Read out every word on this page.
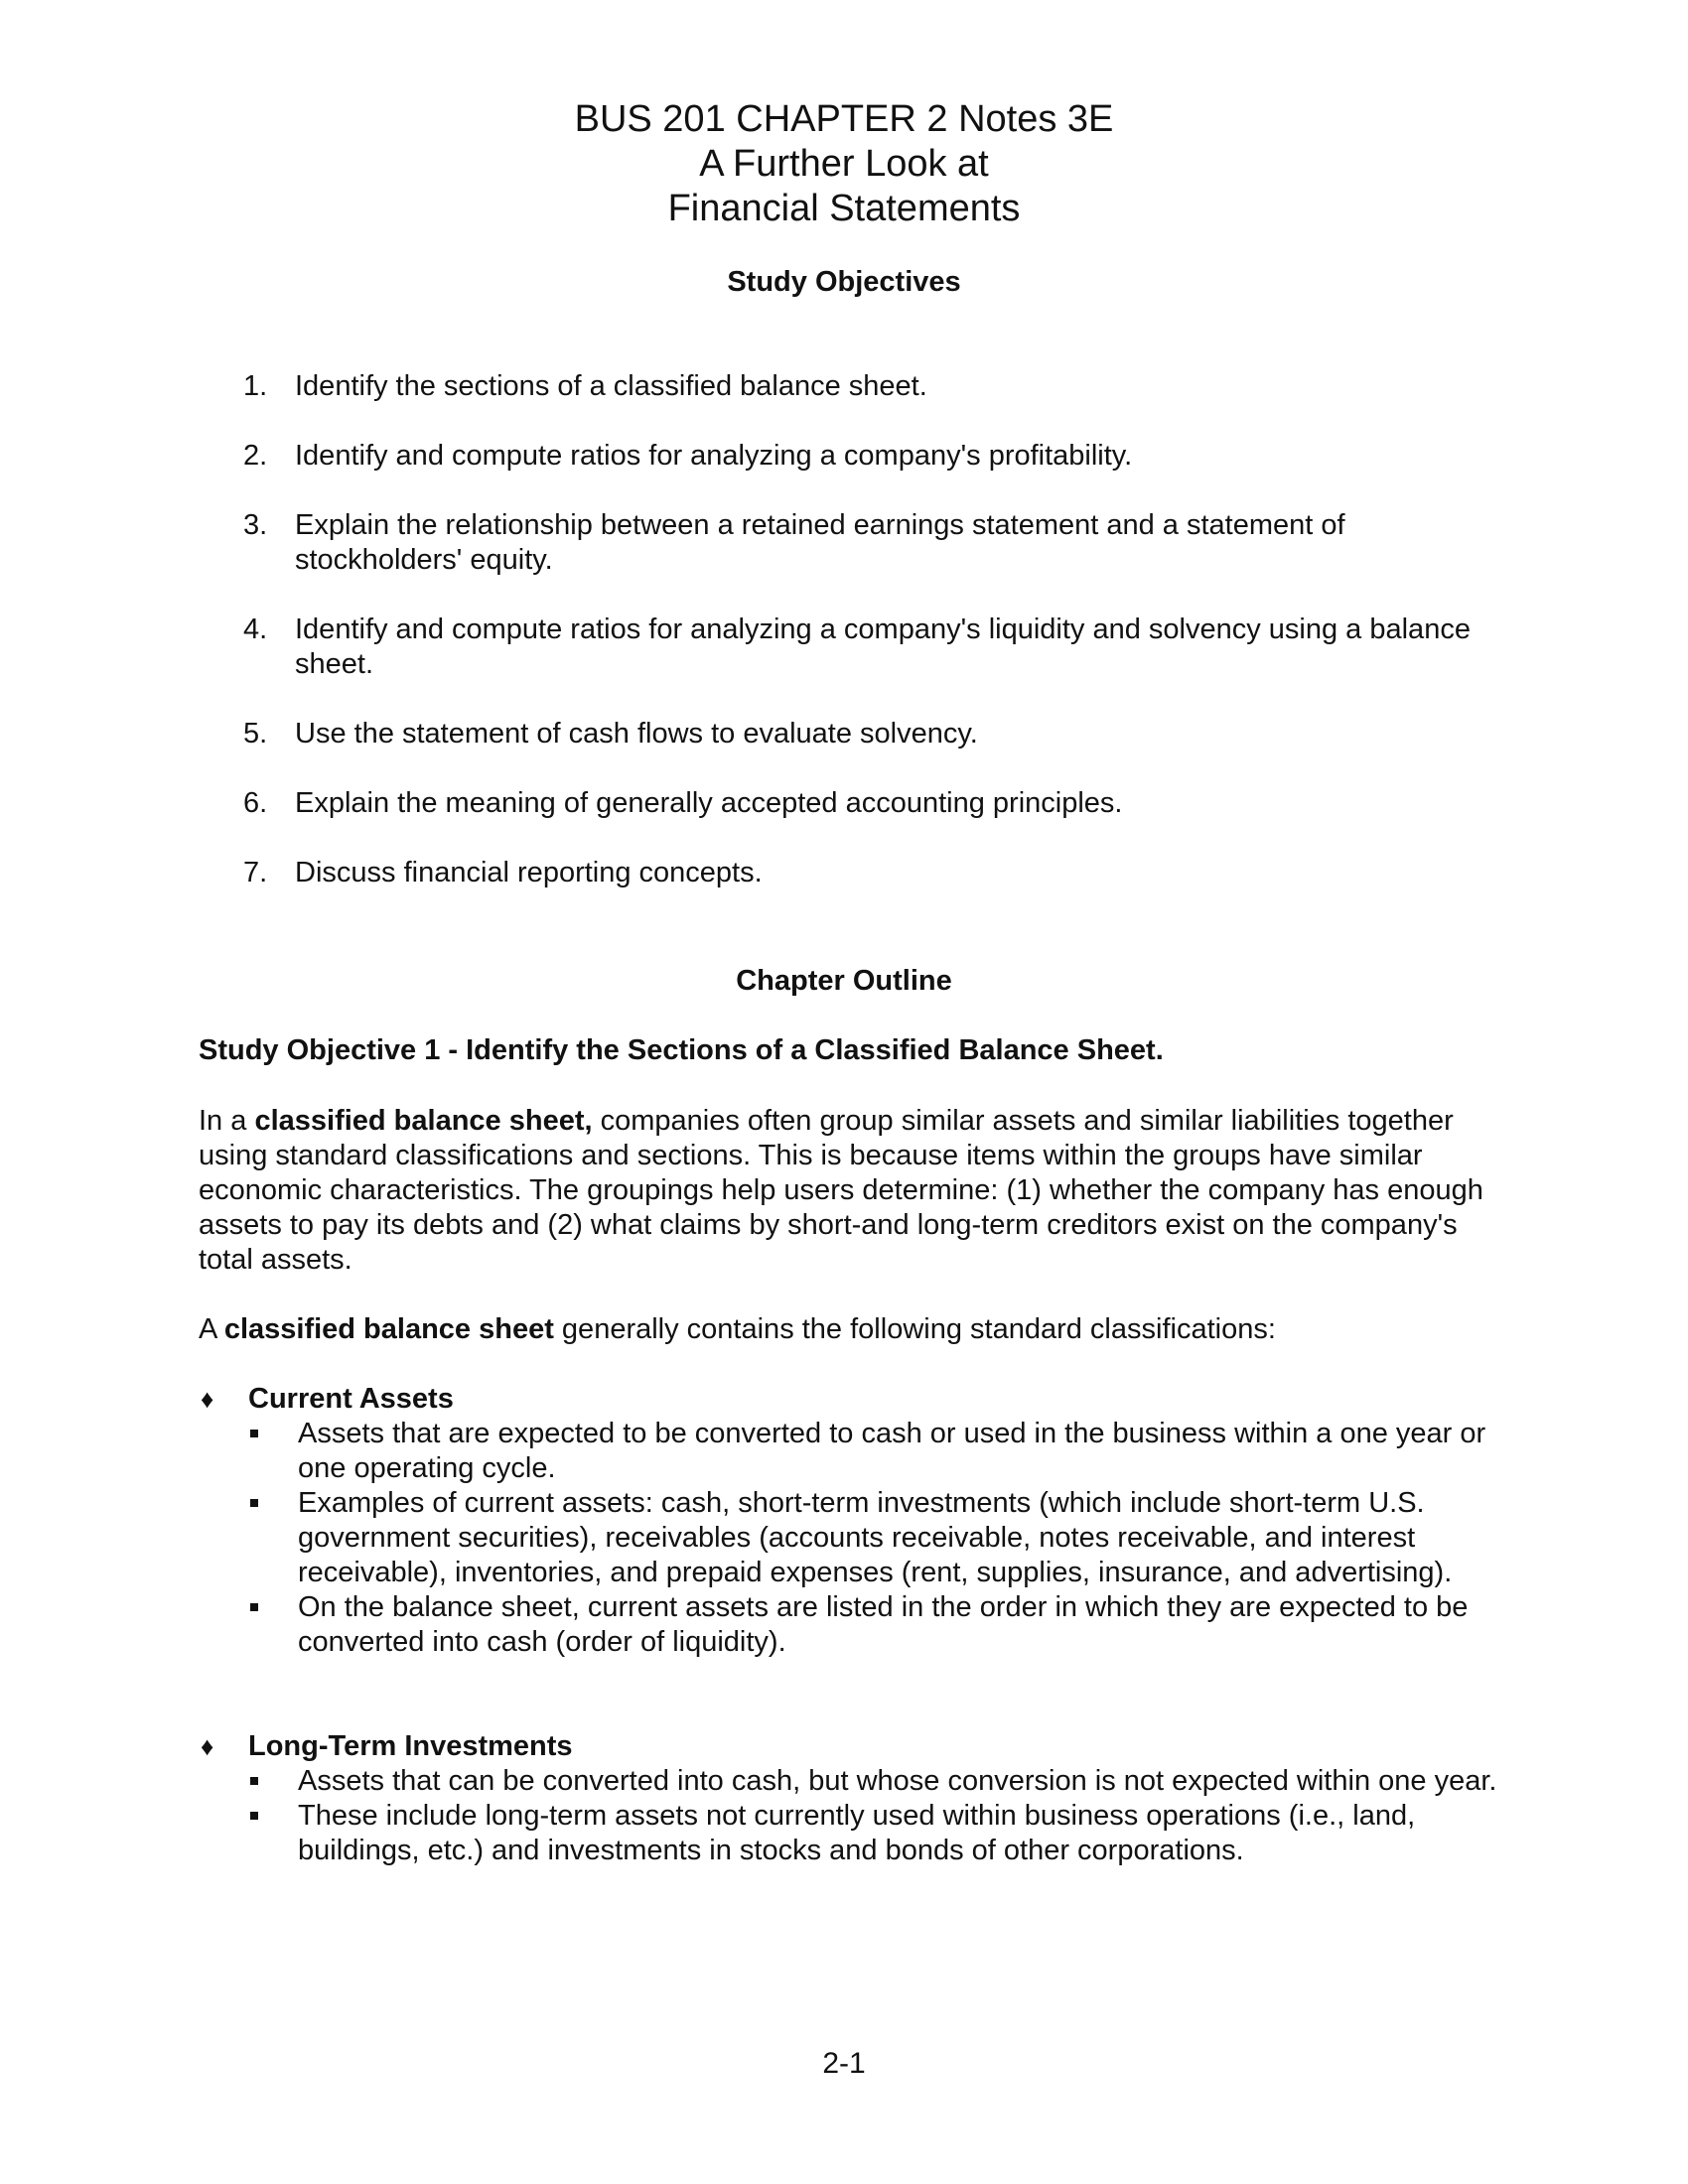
BUS 201 CHAPTER 2 Notes 3E
A Further Look at
Financial Statements
Study Objectives
1. Identify the sections of a classified balance sheet.
2. Identify and compute ratios for analyzing a company's profitability.
3. Explain the relationship between a retained earnings statement and a statement of stockholders' equity.
4. Identify and compute ratios for analyzing a company's liquidity and solvency using a balance sheet.
5. Use the statement of cash flows to evaluate solvency.
6. Explain the meaning of generally accepted accounting principles.
7. Discuss financial reporting concepts.
Chapter Outline
Study Objective 1 - Identify the Sections of a Classified Balance Sheet.

In a classified balance sheet, companies often group similar assets and similar liabilities together using standard classifications and sections. This is because items within the groups have similar economic characteristics. The groupings help users determine: (1) whether the company has enough assets to pay its debts and (2) what claims by short-and long-term creditors exist on the company's total assets.

A classified balance sheet generally contains the following standard classifications:

♦ Current Assets
Assets that are expected to be converted to cash or used in the business within a one year or one operating cycle.
Examples of current assets: cash, short-term investments (which include short-term U.S. government securities), receivables (accounts receivable, notes receivable, and interest receivable), inventories, and prepaid expenses (rent, supplies, insurance, and advertising).
On the balance sheet, current assets are listed in the order in which they are expected to be converted into cash (order of liquidity).
♦ Long-Term Investments
Assets that can be converted into cash, but whose conversion is not expected within one year.
These include long-term assets not currently used within business operations (i.e., land, buildings, etc.) and investments in stocks and bonds of other corporations.
2-1
